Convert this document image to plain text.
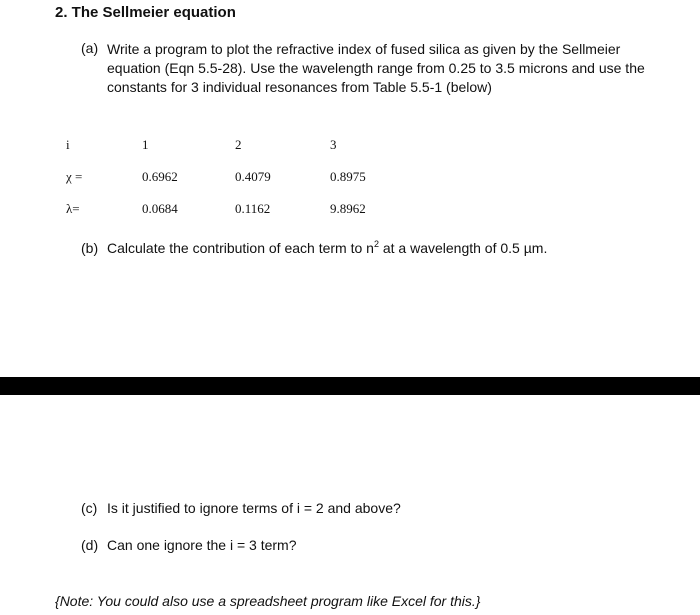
2. The Sellmeier equation
(a) Write a program to plot the refractive index of fused silica as given by the Sellmeier equation (Eqn 5.5-28). Use the wavelength range from 0.25 to 3.5 microns and use the constants for 3 individual resonances from Table 5.5-1 (below)
i	1	2	3
χ =	0.6962	0.4079	0.8975
λ=	0.0684	0.1162	9.8962
(b) Calculate the contribution of each term to $n^2$ at a wavelength of 0.5 µm.
(c) Is it justified to ignore terms of i = 2 and above?
(d) Can one ignore the i = 3 term?
{Note: You could also use a spreadsheet program like Excel for this.}
